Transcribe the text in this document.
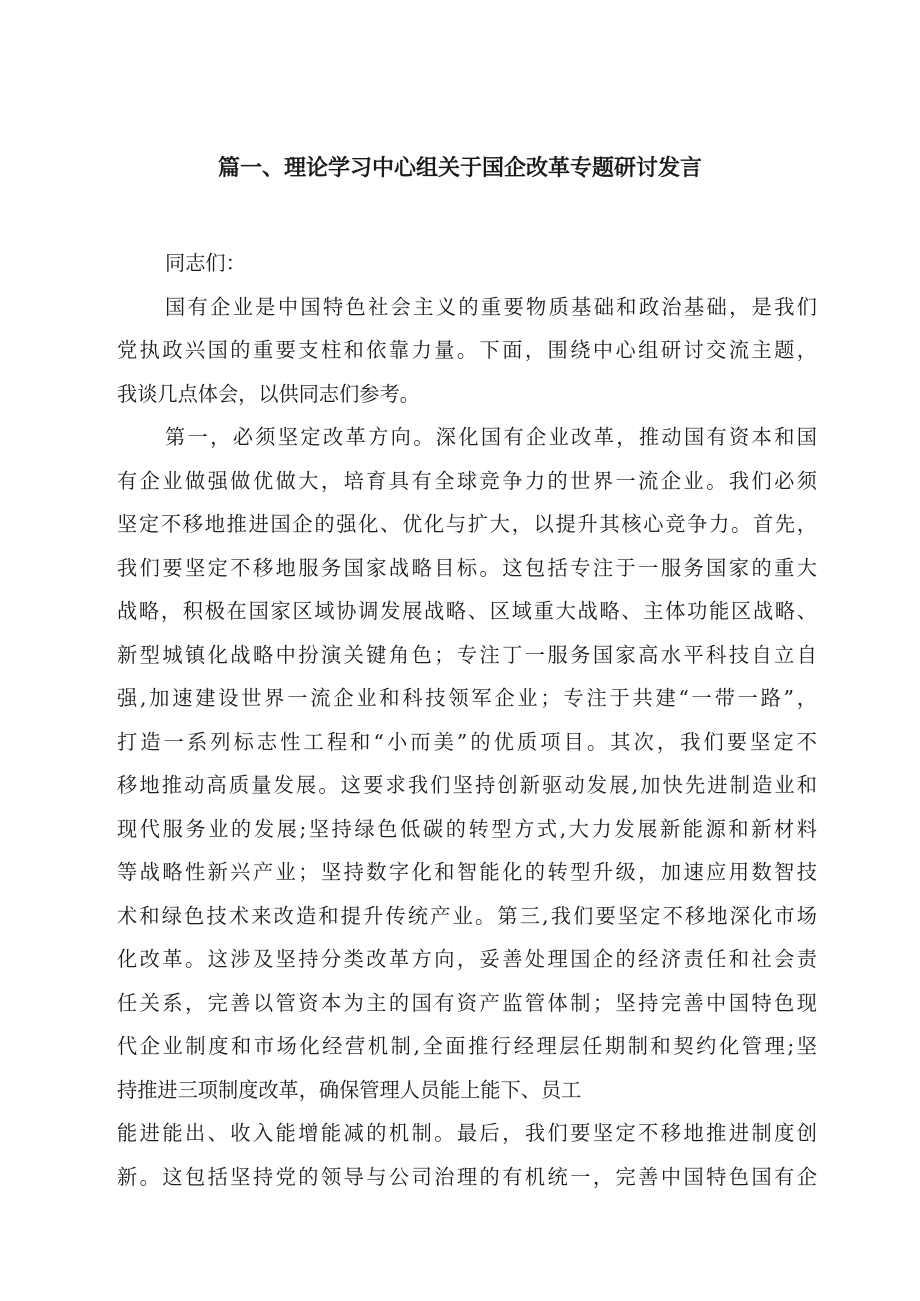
篇一、理论学习中心组关于国企改革专题研讨发言
同志们：
国有企业是中国特色社会主义的重要物质基础和政治基础，是我们
党执政兴国的重要支柱和依靠力量。下面，围绕中心组研讨交流主题，
我谈几点体会，以供同志们参考。
第一，必须坚定改革方向。深化国有企业改革，推动国有资本和国
有企业做强做优做大，培育具有全球竞争力的世界一流企业。我们必须
坚定不移地推进国企的强化、优化与扩大，以提升其核心竞争力。首先，
我们要坚定不移地服务国家战略目标。这包括专注于一服务国家的重大
战略，积极在国家区域协调发展战略、区域重大战略、主体功能区战略、
新型城镇化战略中扮演关键角色；专注丁一服务国家高水平科技自立自
强,加速建设世界一流企业和科技领军企业；专注于共建“一带一路”，
打造一系列标志性工程和“小而美”的优质项目。其次，我们要坚定不
移地推动高质量发展。这要求我们坚持创新驱动发展,加快先进制造业和
现代服务业的发展;坚持绿色低碳的转型方式,大力发展新能源和新材料
等战略性新兴产业；坚持数字化和智能化的转型升级，加速应用数智技
术和绿色技术来改造和提升传统产业。第三,我们要坚定不移地深化市场
化改革。这涉及坚持分类改革方向，妥善处理国企的经济责任和社会责
任关系，完善以管资本为主的国有资产监管体制；坚持完善中国特色现
代企业制度和市场化经营机制,全面推行经理层任期制和契约化管理;坚
持推进三项制度改革，确保管理人员能上能下、员工
能进能出、收入能增能减的机制。最后，我们要坚定不移地推进制度创
新。这包括坚持党的领导与公司治理的有机统一，完善中国特色国有企
